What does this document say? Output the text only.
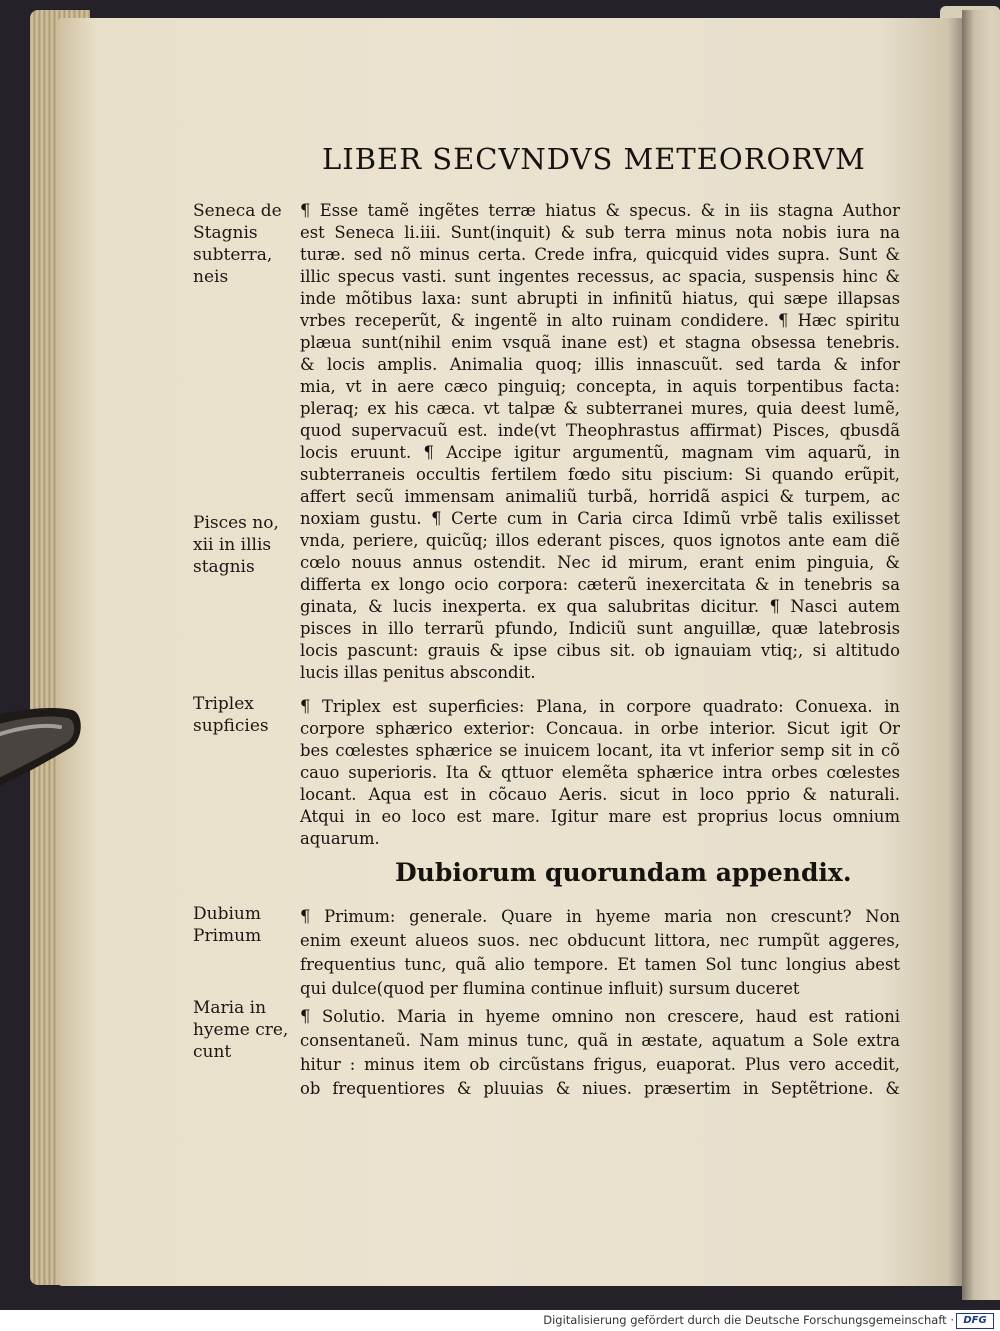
LIBER SECVNDVS METEORORVM
Seneca de
Stagnis
subterra,
neis
Pisces no,
xii in illis
stagnis
Triplex
supficies
Dubium
Primum
Maria in
hyeme cre,
cunt
¶ Esse tamẽ ingẽtes terræ hiatus & specus. & in iis stagna Author
est Seneca li.iii. Sunt(inquit) & sub terra minus nota nobis iura na
turæ. sed nõ minus certa. Crede infra, quicquid vides supra. Sunt &
illic specus vasti. sunt ingentes recessus, ac spacia, suspensis hinc &
inde mõtibus laxa: sunt abrupti in infinitũ hiatus, qui sæpe illapsas
vrbes receperũt, & ingentẽ in alto ruinam condidere. ¶ Hæc spiritu
plæua sunt(nihil enim vsquã inane est) et stagna obsessa tenebris.
& locis amplis. Animalia quoq; illis innascuũt. sed tarda & infor
mia, vt in aere cæco pinguiq; concepta, in aquis torpentibus facta:
pleraq; ex his cæca. vt talpæ & subterranei mures, quia deest lumẽ,
quod supervacuũ est. inde(vt Theophrastus affirmat) Pisces, qbusdã
locis eruunt. ¶ Accipe igitur argumentũ, magnam vim aquarũ, in
subterraneis occultis fertilem fœdo situ piscium: Si quando erũpit,
affert secũ immensam animaliũ turbã, horridã aspici & turpem, ac
noxiam gustu. ¶ Certe cum in Caria circa Idimũ vrbẽ talis exilisset
vnda, periere, quicũq; illos ederant pisces, quos ignotos ante eam diẽ
cœlo nouus annus ostendit. Nec id mirum, erant enim pinguia, &
differta ex longo ocio corpora: cæterũ inexercitata & in tenebris sa
ginata, & lucis inexperta. ex qua salubritas dicitur. ¶ Nasci autem
pisces in illo terrarũ pfundo, Indiciũ sunt anguillæ, quæ latebrosis
locis pascunt: grauis & ipse cibus sit. ob ignauiam vtiq;, si altitudo
lucis illas penitus abscondit.
¶ Triplex est superficies: Plana, in corpore quadrato: Conuexa. in
corpore sphærico exterior: Concaua. in orbe interior. Sicut igit Or
bes cœlestes sphærice se inuicem locant, ita vt inferior semp sit in cõ
cauo superioris. Ita & qttuor elemẽta sphærice intra orbes cœlestes
locant. Aqua est in cõcauo Aeris. sicut in loco pprio & naturali.
Atqui in eo loco est mare. Igitur mare est proprius locus omnium
aquarum.
Dubiorum quorundam appendix.
¶ Primum: generale. Quare in hyeme maria non crescunt? Non
enim exeunt alueos suos. nec obducunt littora, nec rumpũt aggeres,
frequentius tunc, quã alio tempore. Et tamen Sol tunc longius abest
qui dulce(quod per flumina continue influit) sursum duceret
¶ Solutio. Maria in hyeme omnino non crescere, haud est rationi
consentaneũ. Nam minus tunc, quã in æstate, aquatum a Sole extra
hitur : minus item ob circũstans frigus, euaporat. Plus vero accedit,
ob frequentiores & pluuias & niues. præsertim in Septẽtrione. &
Digitalisierung gefördert durch die Deutsche Forschungsgemeinschaft · DFG
